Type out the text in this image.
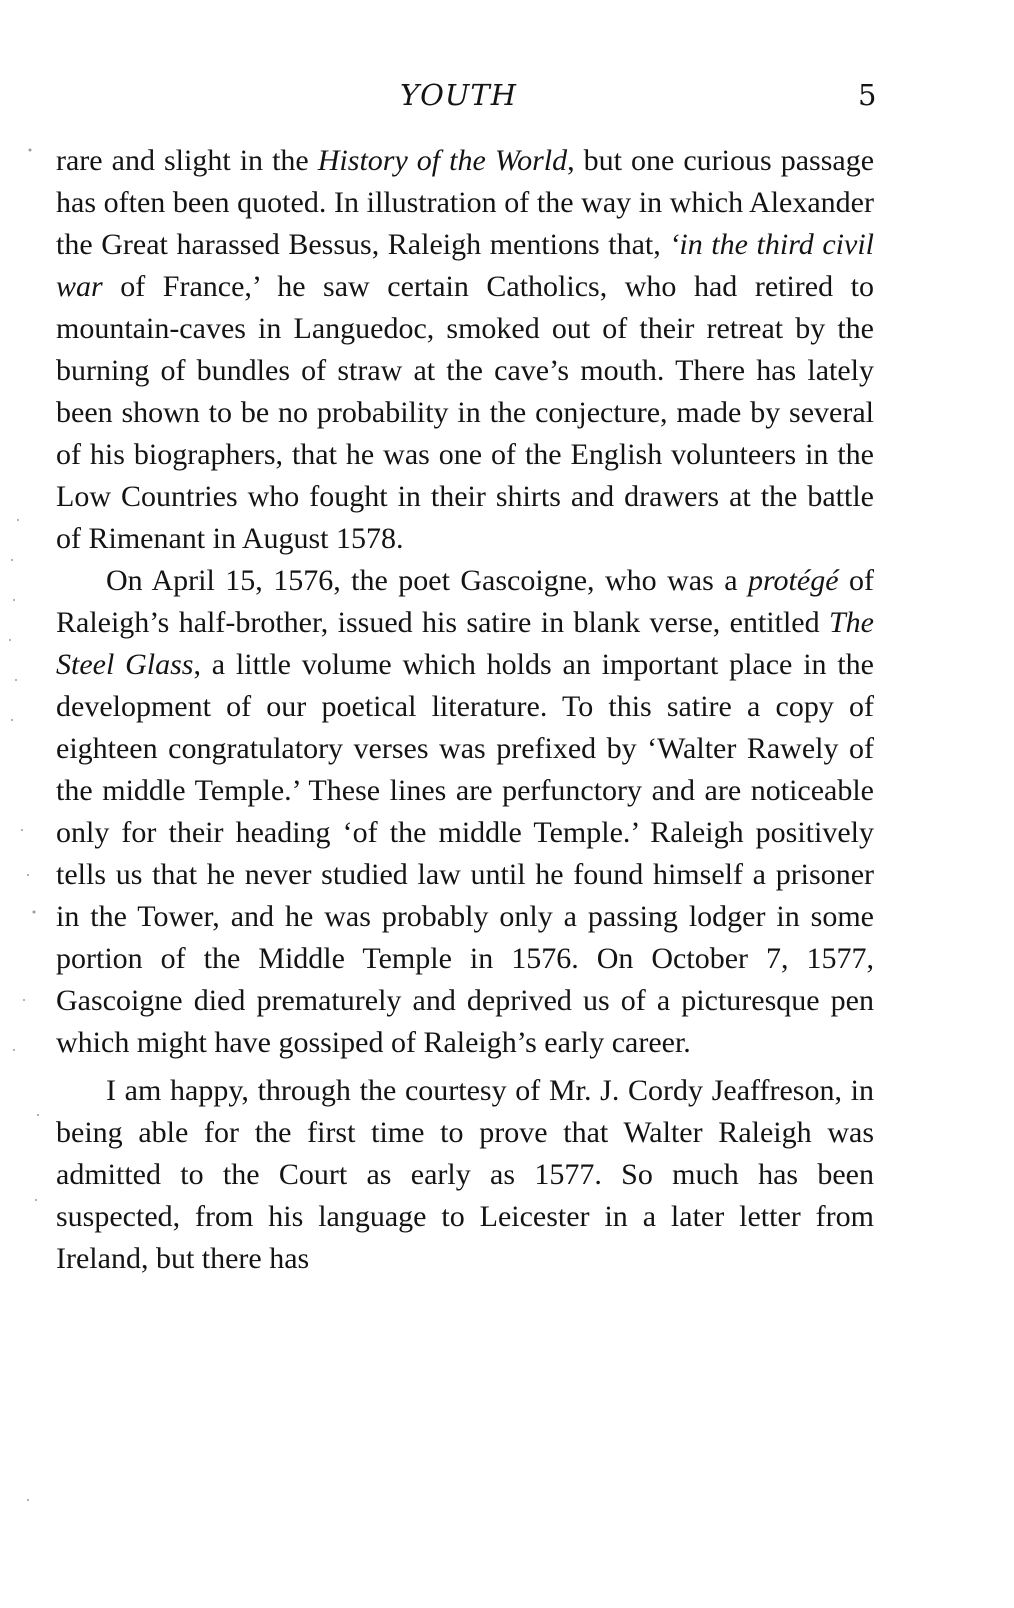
YOUTH	5

rare and slight in the History of the World, but one curious passage has often been quoted. In illustration of the way in which Alexander the Great harassed Bessus, Raleigh mentions that, ‘in the third civil war of France,’ he saw certain Catholics, who had retired to mountain-caves in Languedoc, smoked out of their retreat by the burning of bundles of straw at the cave’s mouth. There has lately been shown to be no probability in the conjecture, made by several of his biographers, that he was one of the English volunteers in the Low Countries who fought in their shirts and drawers at the battle of Rimenant in August 1578.

On April 15, 1576, the poet Gascoigne, who was a protégé of Raleigh’s half-brother, issued his satire in blank verse, entitled The Steel Glass, a little volume which holds an important place in the development of our poetical literature. To this satire a copy of eighteen congratulatory verses was prefixed by ‘Walter Rawely of the middle Temple.’ These lines are perfunctory and are noticeable only for their heading ‘of the middle Temple.’ Raleigh positively tells us that he never studied law until he found himself a prisoner in the Tower, and he was probably only a passing lodger in some portion of the Middle Temple in 1576. On October 7, 1577, Gascoigne died prematurely and deprived us of a picturesque pen which might have gossiped of Raleigh’s early career.

I am happy, through the courtesy of Mr. J. Cordy Jeaffreson, in being able for the first time to prove that Walter Raleigh was admitted to the Court as early as 1577. So much has been suspected, from his language to Leicester in a later letter from Ireland, but there has
